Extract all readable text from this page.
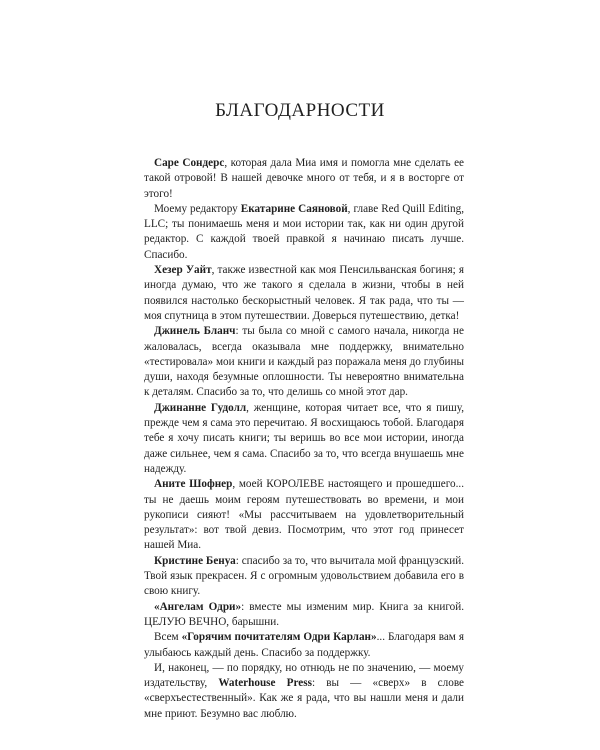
БЛАГОДАРНОСТИ

Саре Сондерс, которая дала Миа имя и помогла мне сделать ее такой отровой! В нашей девочке много от тебя, и я в восторге от этого!

Моему редактору Екатарине Саяновой, главе Red Quill Editing, LLC; ты понимаешь меня и мои истории так, как ни один другой редактор. С каждой твоей правкой я начинаю писать лучше. Спасибо.

Хезер Уайт, также известной как моя Пенсильванская богиня; я иногда думаю, что же такого я сделала в жизни, чтобы в ней появился настолько бескорыстный человек. Я так рада, что ты — моя спутница в этом путешествии. Доверься путешествию, детка!

Джинель Бланч: ты была со мной с самого начала, никогда не жаловалась, всегда оказывала мне поддержку, внимательно «тестировала» мои книги и каждый раз поражала меня до глубины души, находя безумные оплошности. Ты невероятно внимательна к деталям. Спасибо за то, что делишь со мной этот дар.

Джинанне Гудолл, женщине, которая читает все, что я пишу, прежде чем я сама это перечитаю. Я восхищаюсь тобой. Благодаря тебе я хочу писать книги; ты веришь во все мои истории, иногда даже сильнее, чем я сама. Спасибо за то, что всегда внушаешь мне надежду.

Аните Шофнер, моей КОРОЛЕВЕ настоящего и прошедшего... ты не даешь моим героям путешествовать во времени, и мои рукописи сияют! «Мы рассчитываем на удовлетворительный результат»: вот твой девиз. Посмотрим, что этот год принесет нашей Миа.

Кристине Бенуа: спасибо за то, что вычитала мой французский. Твой язык прекрасен. Я с огромным удовольствием добавила его в свою книгу.

«Ангелам Одри»: вместе мы изменим мир. Книга за книгой. ЦЕЛУЮ ВЕЧНО, барышни.

Всем «Горячим почитателям Одри Карлан»... Благодаря вам я улыбаюсь каждый день. Спасибо за поддержку.

И, наконец, — по порядку, но отнюдь не по значению, — моему издательству, Waterhouse Press: вы — «сверх» в слове «сверхъестественный». Как же я рада, что вы нашли меня и дали мне приют. Безумно вас люблю.
